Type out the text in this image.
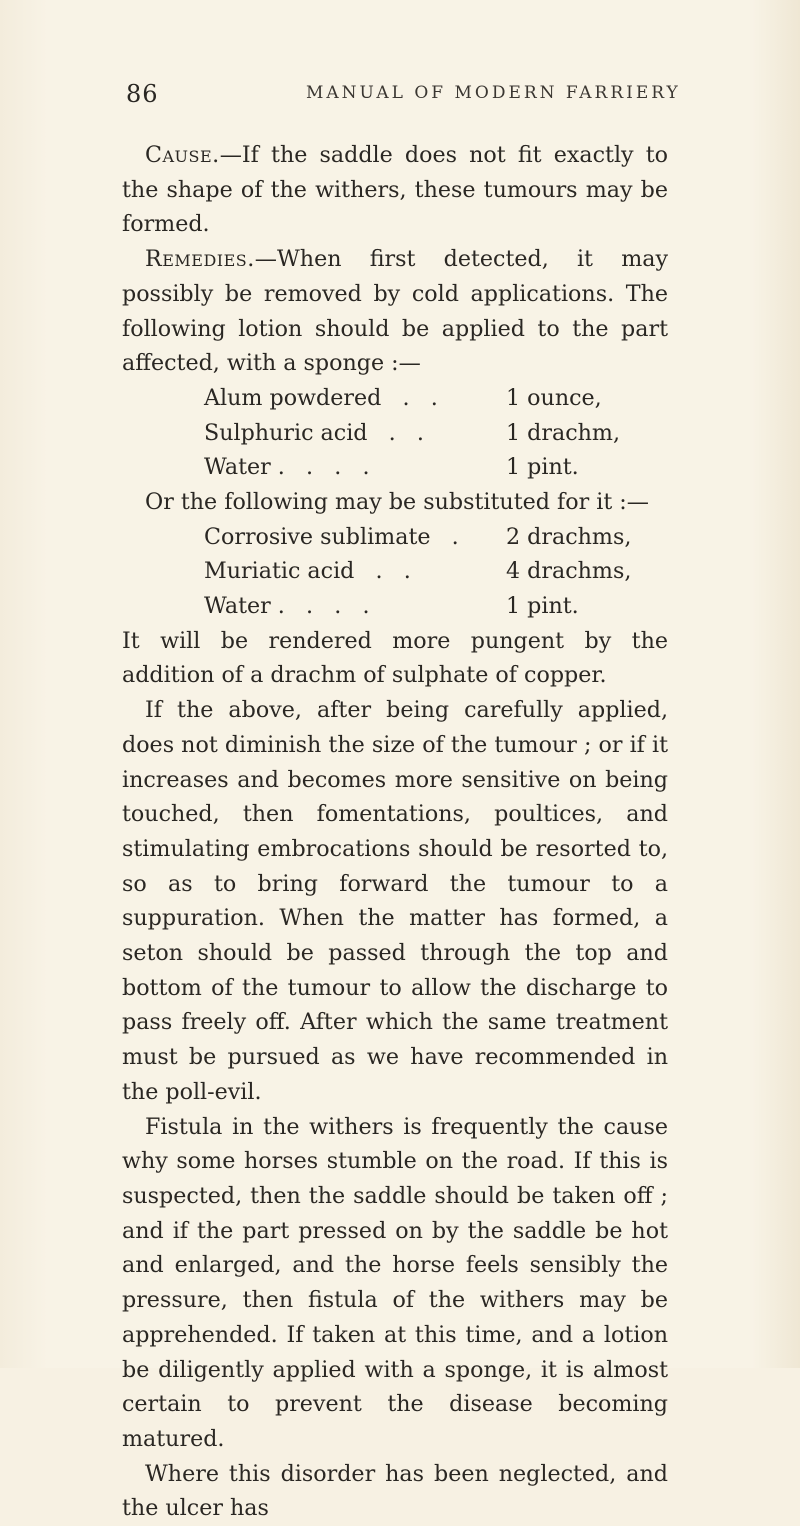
86	MANUAL OF MODERN FARRIERY

Cause.—If the saddle does not fit exactly to the shape of the withers, these tumours may be formed.

Remedies.—When first detected, it may possibly be removed by cold applications. The following lotion should be applied to the part affected, with a sponge :—

Alum powdered   .   .	1 ounce,
Sulphuric acid   .   .	1 drachm,
Water .   .   .   .	1 pint.

Or the following may be substituted for it :—

Corrosive sublimate   .	2 drachms,
Muriatic acid   .   .	4 drachms,
Water .   .   .   .	1 pint.

It will be rendered more pungent by the addition of a drachm of sulphate of copper.

If the above, after being carefully applied, does not diminish the size of the tumour ; or if it increases and becomes more sensitive on being touched, then fomentations, poultices, and stimulating embrocations should be resorted to, so as to bring forward the tumour to a suppuration. When the matter has formed, a seton should be passed through the top and bottom of the tumour to allow the discharge to pass freely off. After which the same treatment must be pursued as we have recommended in the poll-evil.

Fistula in the withers is frequently the cause why some horses stumble on the road. If this is suspected, then the saddle should be taken off ; and if the part pressed on by the saddle be hot and enlarged, and the horse feels sensibly the pressure, then fistula of the withers may be apprehended. If taken at this time, and a lotion be diligently applied with a sponge, it is almost certain to prevent the disease becoming matured.

Where this disorder has been neglected, and the ulcer has
